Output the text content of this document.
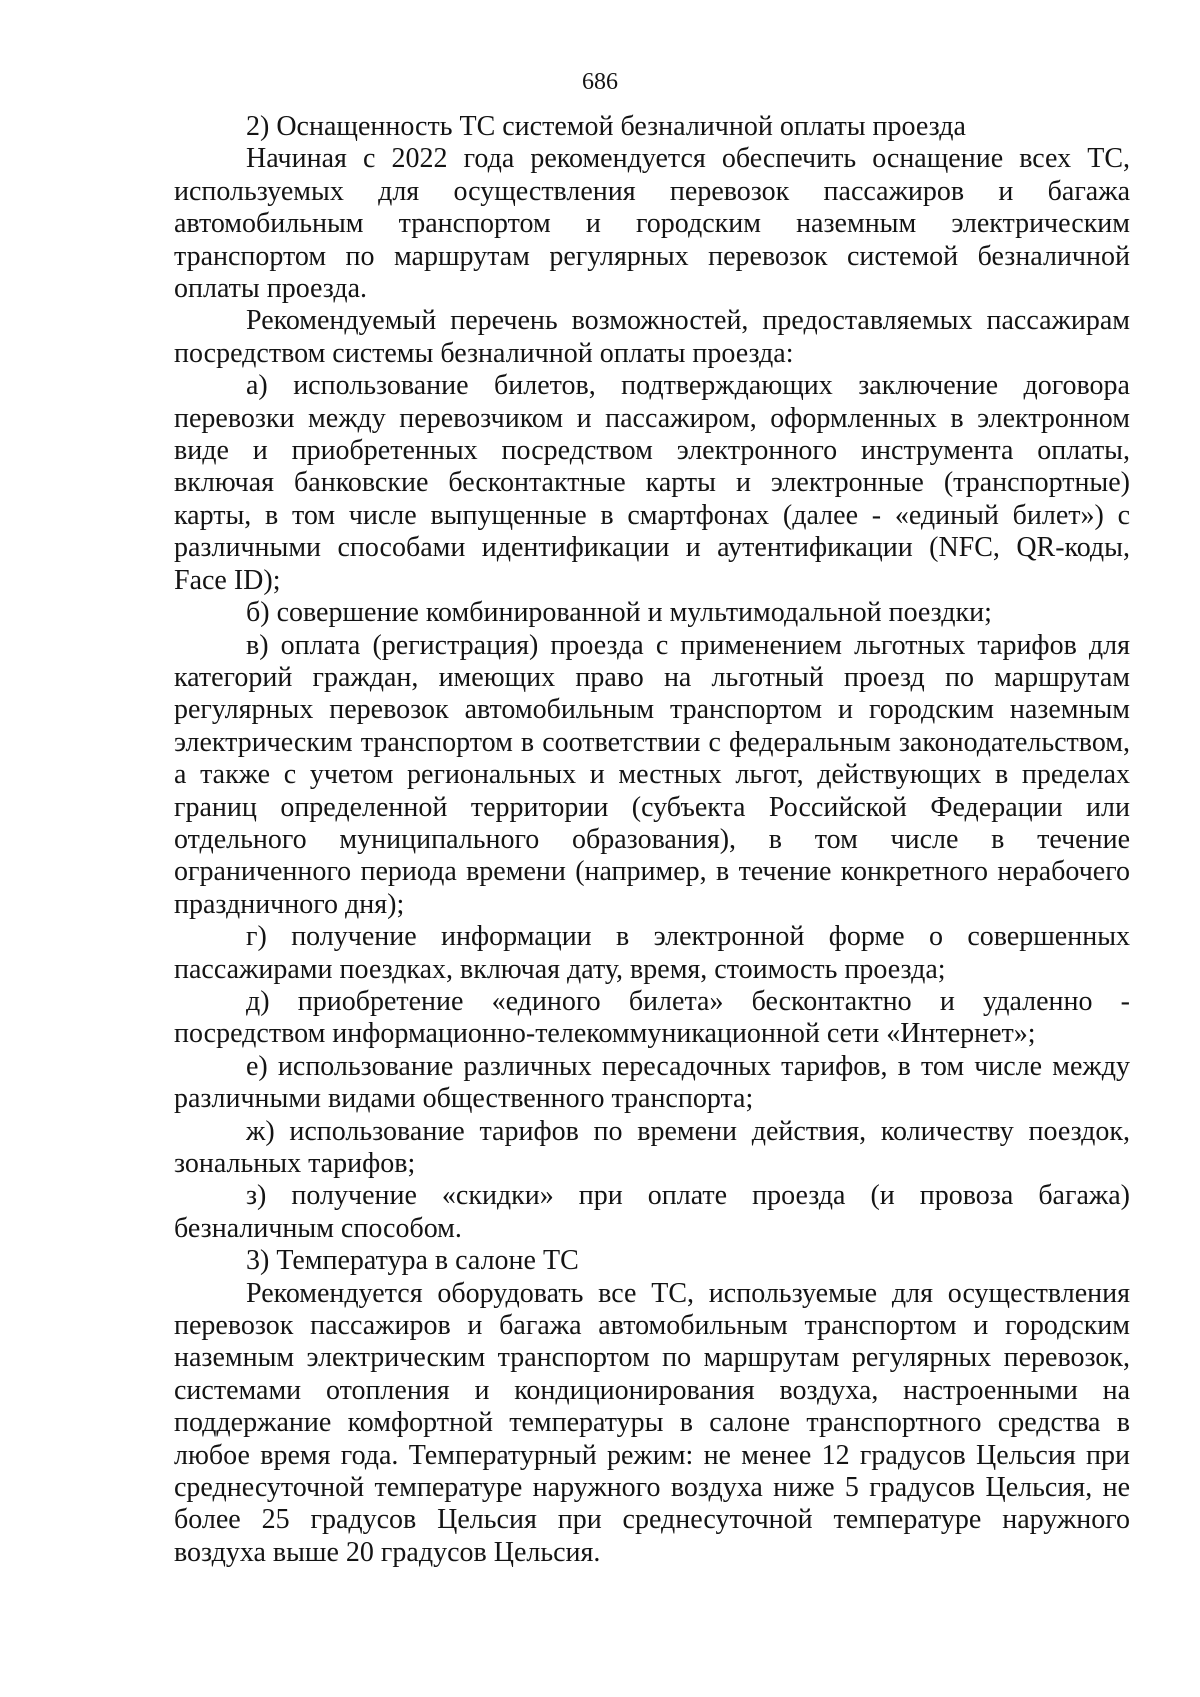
686

2) Оснащенность ТС системой безналичной оплаты проезда

Начиная с 2022 года рекомендуется обеспечить оснащение всех ТС, используемых для осуществления перевозок пассажиров и багажа автомобильным транспортом и городским наземным электрическим транспортом по маршрутам регулярных перевозок системой безналичной оплаты проезда.

Рекомендуемый перечень возможностей, предоставляемых пассажирам посредством системы безналичной оплаты проезда:

а) использование билетов, подтверждающих заключение договора перевозки между перевозчиком и пассажиром, оформленных в электронном виде и приобретенных посредством электронного инструмента оплаты, включая банковские бесконтактные карты и электронные (транспортные) карты, в том числе выпущенные в смартфонах (далее - «единый билет») с различными способами идентификации и аутентификации (NFC, QR-коды, Face ID);

б) совершение комбинированной и мультимодальной поездки;

в) оплата (регистрация) проезда с применением льготных тарифов для категорий граждан, имеющих право на льготный проезд по маршрутам регулярных перевозок автомобильным транспортом и городским наземным электрическим транспортом в соответствии с федеральным законодательством, а также с учетом региональных и местных льгот, действующих в пределах границ определенной территории (субъекта Российской Федерации или отдельного муниципального образования), в том числе в течение ограниченного периода времени (например, в течение конкретного нерабочего праздничного дня);

г) получение информации в электронной форме о совершенных пассажирами поездках, включая дату, время, стоимость проезда;

д) приобретение «единого билета» бесконтактно и удаленно - посредством информационно-телекоммуникационной сети «Интернет»;

е) использование различных пересадочных тарифов, в том числе между различными видами общественного транспорта;

ж) использование тарифов по времени действия, количеству поездок, зональных тарифов;

з) получение «скидки» при оплате проезда (и провоза багажа) безналичным способом.

3) Температура в салоне ТС

Рекомендуется оборудовать все ТС, используемые для осуществления перевозок пассажиров и багажа автомобильным транспортом и городским наземным электрическим транспортом по маршрутам регулярных перевозок, системами отопления и кондиционирования воздуха, настроенными на поддержание комфортной температуры в салоне транспортного средства в любое время года. Температурный режим: не менее 12 градусов Цельсия при среднесуточной температуре наружного воздуха ниже 5 градусов Цельсия, не более 25 градусов Цельсия при среднесуточной температуре наружного воздуха выше 20 градусов Цельсия.
